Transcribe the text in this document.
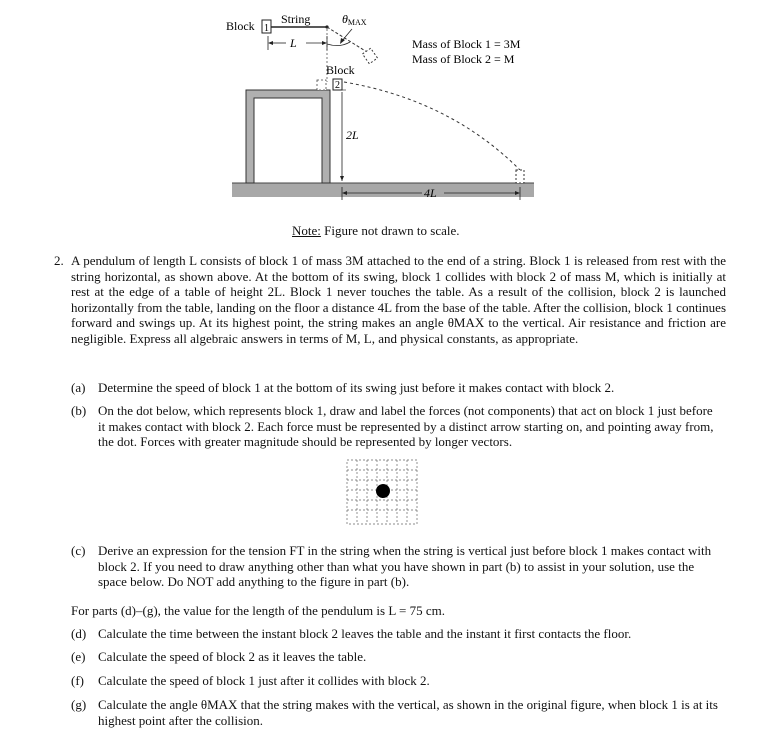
Block 1
String	θMAX
L
Block
2
2L
4L
Mass of Block 1 = 3M
Mass of Block 2 = M
Note: Figure not drawn to scale.
2. A pendulum of length L consists of block 1 of mass 3M attached to the end of a string. Block 1 is released from rest with the string horizontal, as shown above. At the bottom of its swing, block 1 collides with block 2 of mass M, which is initially at rest at the edge of a table of height 2L. Block 1 never touches the table. As a result of the collision, block 2 is launched horizontally from the table, landing on the floor a distance 4L from the base of the table. After the collision, block 1 continues forward and swings up. At its highest point, the string makes an angle θMAX to the vertical. Air resistance and friction are negligible. Express all algebraic answers in terms of M, L, and physical constants, as appropriate.
(a) Determine the speed of block 1 at the bottom of its swing just before it makes contact with block 2.
(b) On the dot below, which represents block 1, draw and label the forces (not components) that act on block 1 just before it makes contact with block 2. Each force must be represented by a distinct arrow starting on, and pointing away from, the dot. Forces with greater magnitude should be represented by longer vectors.
(c) Derive an expression for the tension FT in the string when the string is vertical just before block 1 makes contact with block 2. If you need to draw anything other than what you have shown in part (b) to assist in your solution, use the space below. Do NOT add anything to the figure in part (b).
For parts (d)–(g), the value for the length of the pendulum is L = 75 cm.
(d) Calculate the time between the instant block 2 leaves the table and the instant it first contacts the floor.
(e) Calculate the speed of block 2 as it leaves the table.
(f) Calculate the speed of block 1 just after it collides with block 2.
(g) Calculate the angle θMAX that the string makes with the vertical, as shown in the original figure, when block 1 is at its highest point after the collision.
